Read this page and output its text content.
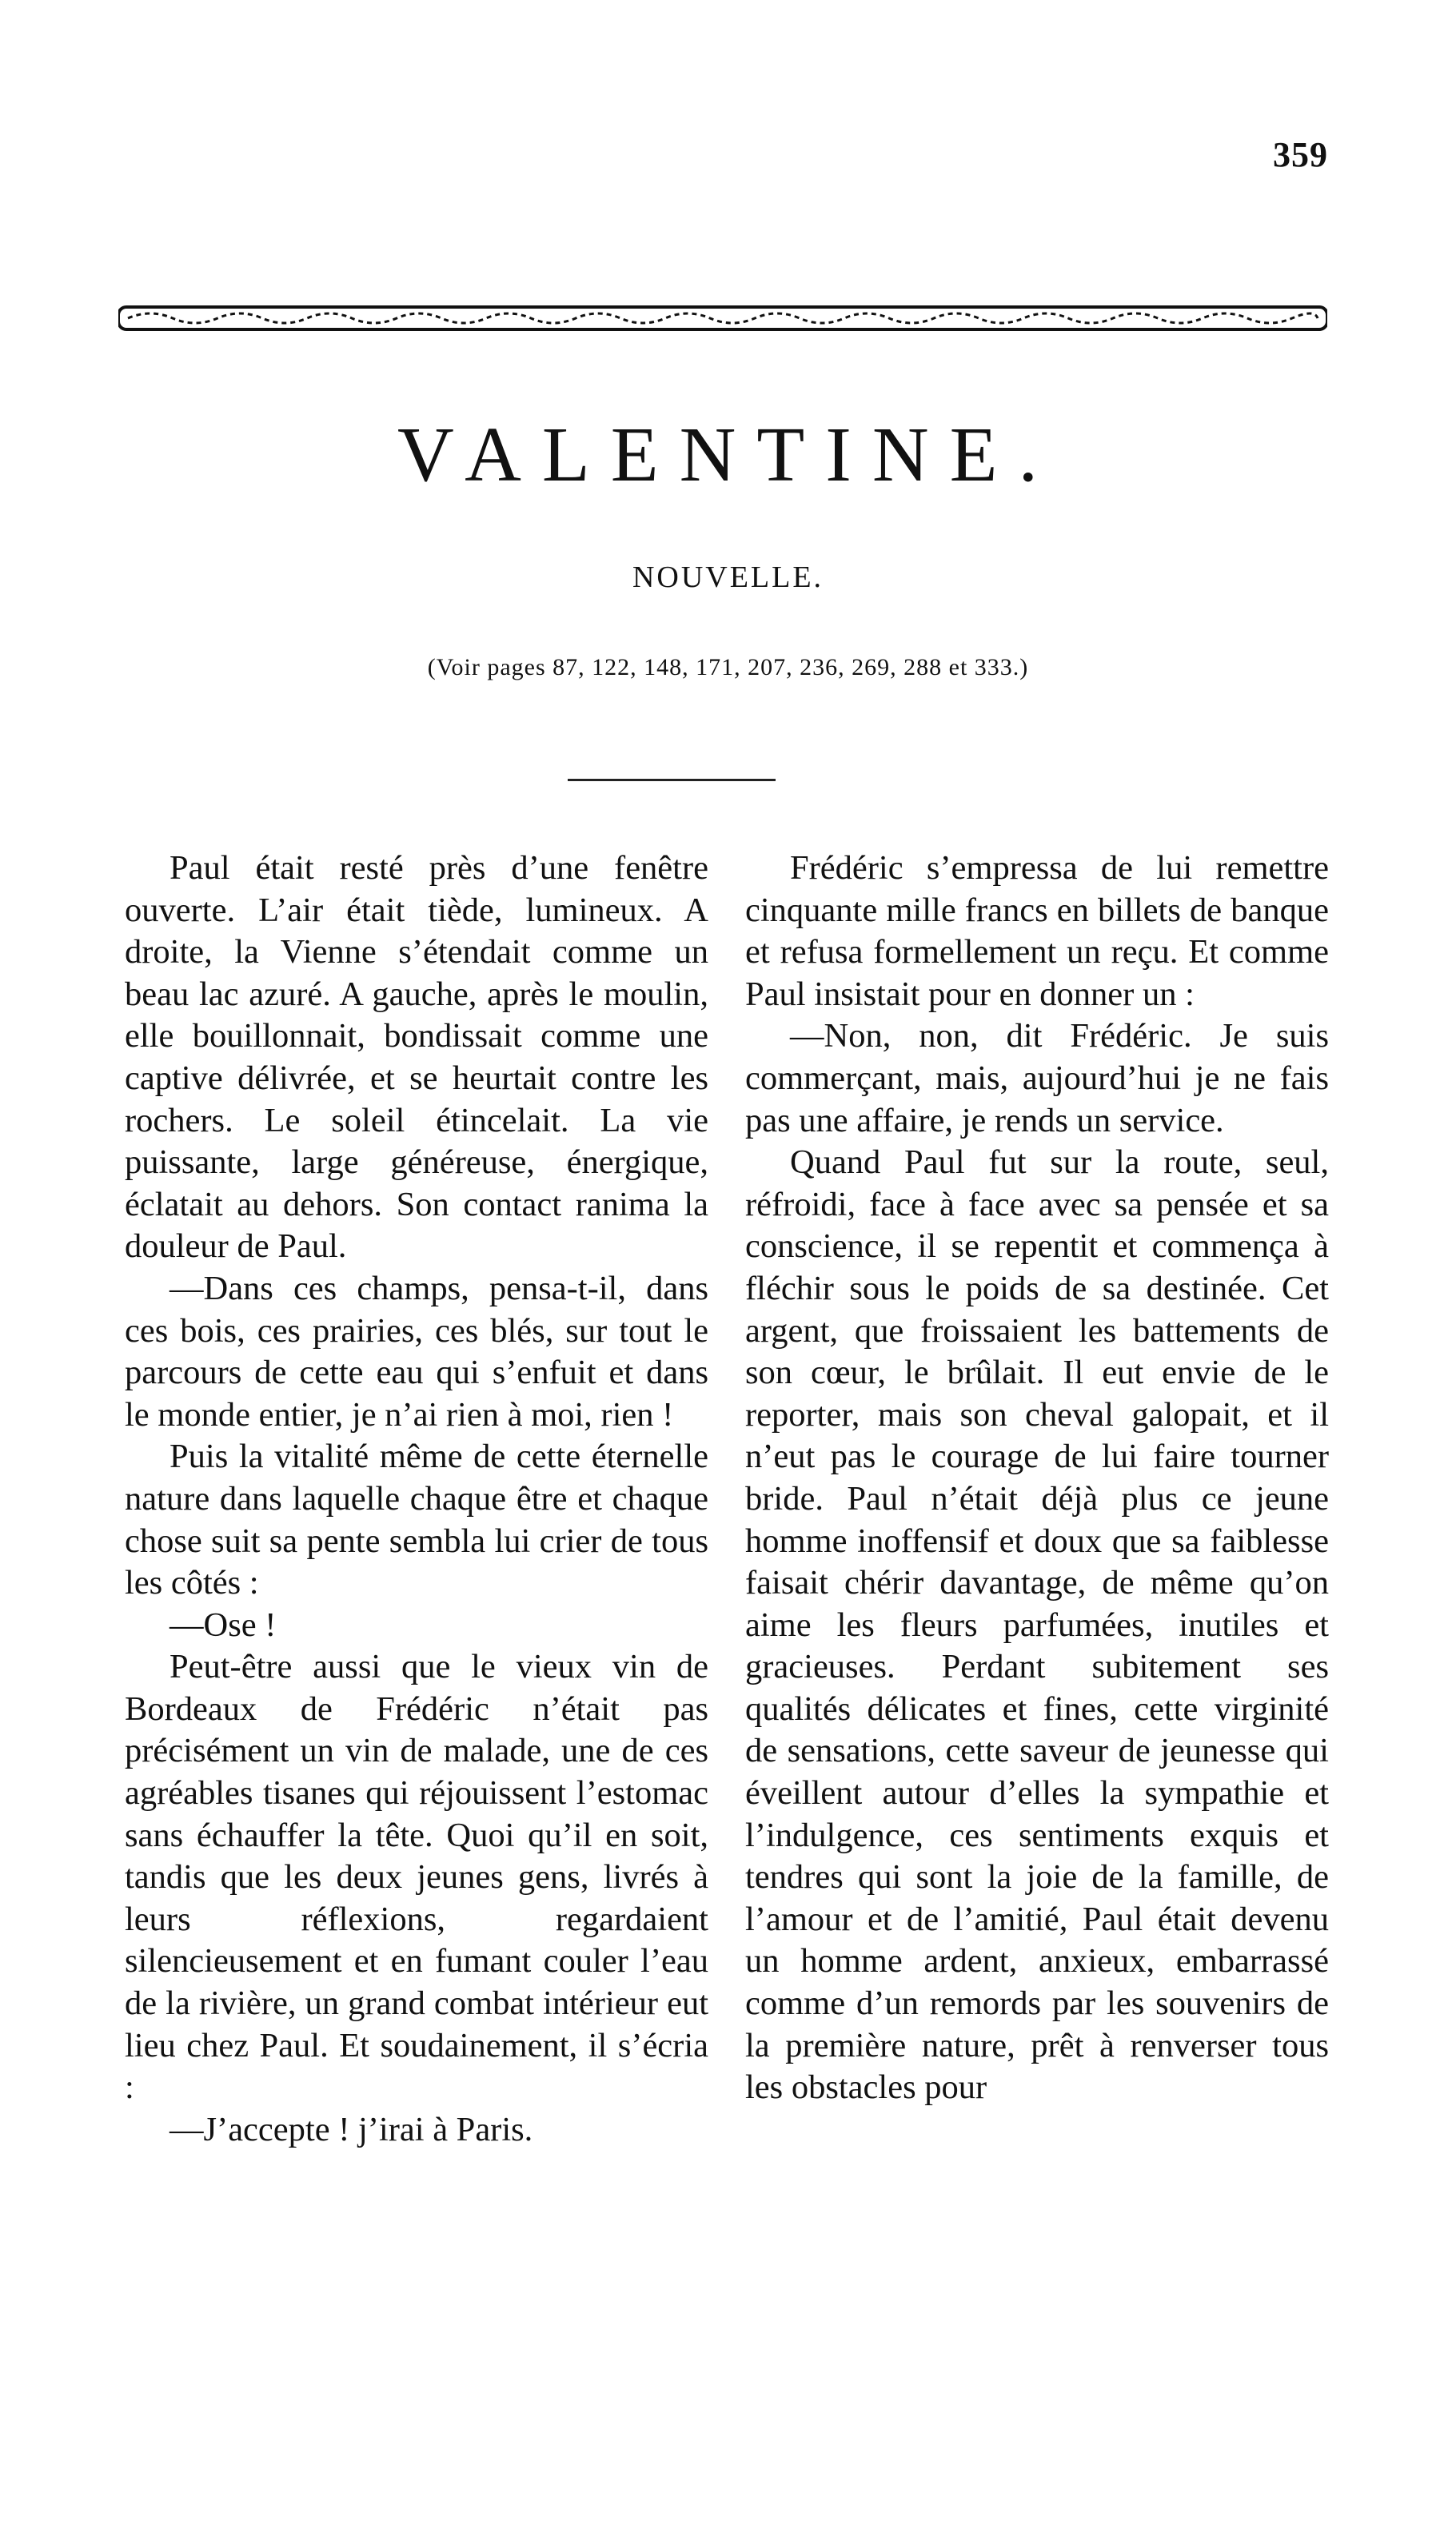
359
VALENTINE.
NOUVELLE.
(Voir pages 87, 122, 148, 171, 207, 236, 269, 288 et 333.)

Paul était resté près d’une fenêtre ouverte. L’air était tiède, lumineux. A droite, la Vienne s’étendait comme un beau lac azuré. A gauche, après le moulin, elle bouillonnait, bondissait comme une captive délivrée, et se heurtait contre les rochers. Le soleil étincelait. La vie puissante, large généreuse, énergique, éclatait au dehors. Son contact ranima la douleur de Paul.

—Dans ces champs, pensa-t-il, dans ces bois, ces prairies, ces blés, sur tout le parcours de cette eau qui s’enfuit et dans le monde entier, je n’ai rien à moi, rien !

Puis la vitalité même de cette éternelle nature dans laquelle chaque être et chaque chose suit sa pente sembla lui crier de tous les côtés :

—Ose !

Peut-être aussi que le vieux vin de Bordeaux de Frédéric n’était pas précisément un vin de malade, une de ces agréables tisanes qui réjouissent l’estomac sans échauffer la tête. Quoi qu’il en soit, tandis que les deux jeunes gens, livrés à leurs réflexions, regardaient silencieusement et en fumant couler l’eau de la rivière, un grand combat intérieur eut lieu chez Paul. Et soudainement, il s’écria :

—J’accepte ! j’irai à Paris.

Frédéric s’empressa de lui remettre cinquante mille francs en billets de banque et refusa formellement un reçu. Et comme Paul insistait pour en donner un :

—Non, non, dit Frédéric. Je suis commerçant, mais, aujourd’hui je ne fais pas une affaire, je rends un service.

Quand Paul fut sur la route, seul, réfroidi, face à face avec sa pensée et sa conscience, il se repentit et commença à fléchir sous le poids de sa destinée. Cet argent, que froissaient les battements de son cœur, le brûlait. Il eut envie de le reporter, mais son cheval galopait, et il n’eut pas le courage de lui faire tourner bride. Paul n’était déjà plus ce jeune homme inoffensif et doux que sa faiblesse faisait chérir davantage, de même qu’on aime les fleurs parfumées, inutiles et gracieuses. Perdant subitement ses qualités délicates et fines, cette virginité de sensations, cette saveur de jeunesse qui éveillent autour d’elles la sympathie et l’indulgence, ces sentiments exquis et tendres qui sont la joie de la famille, de l’amour et de l’amitié, Paul était devenu un homme ardent, anxieux, embarrassé comme d’un remords par les souvenirs de la première nature, prêt à renverser tous les obstacles pour
